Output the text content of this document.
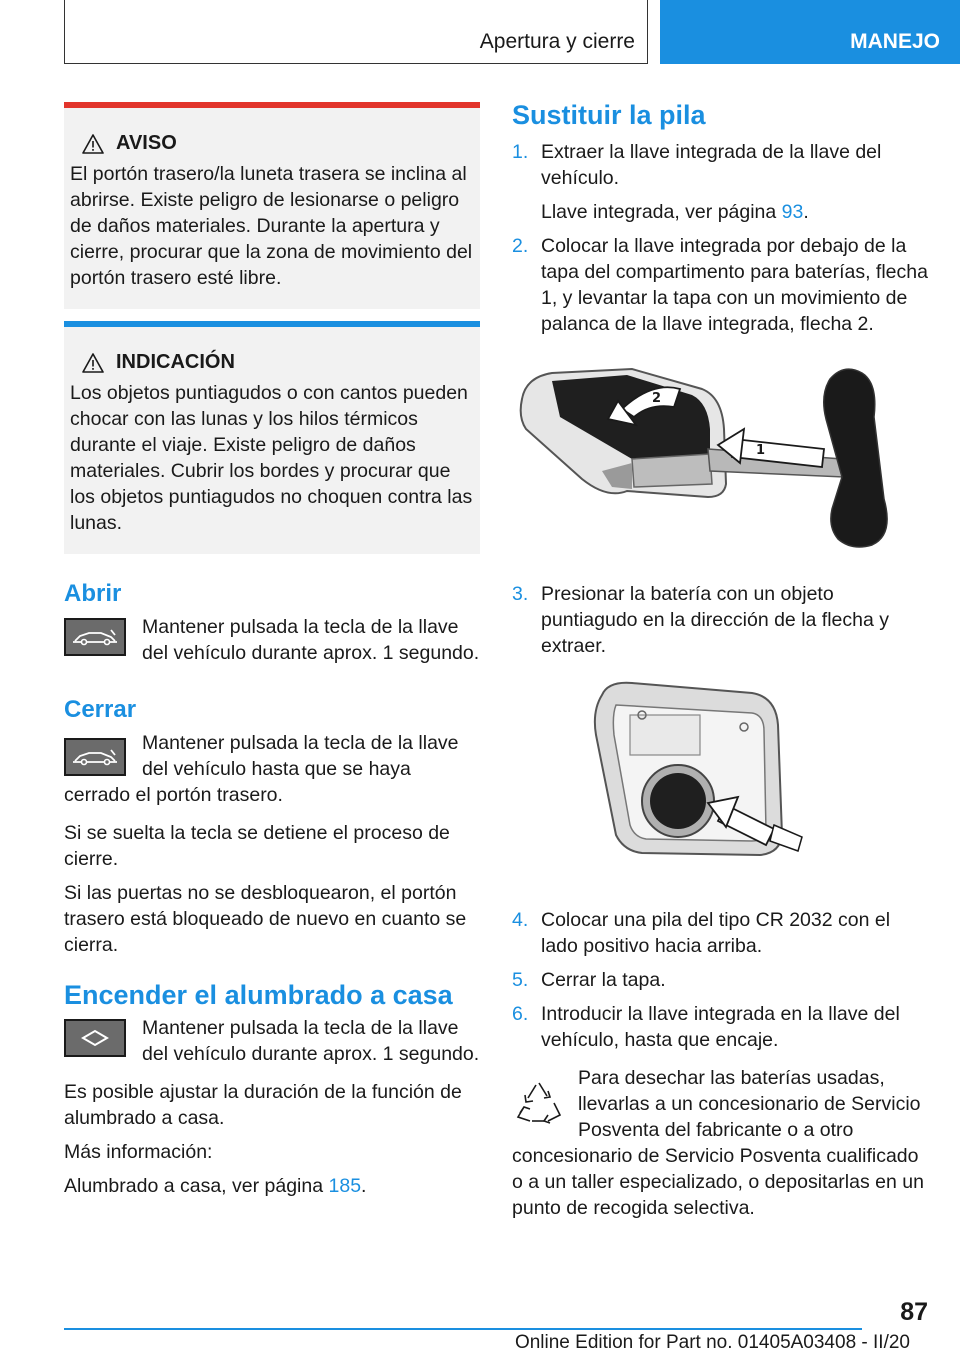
Apertura y cierre	MANEJO
AVISO

El portón trasero/la luneta trasera se inclina al abrirse. Existe peligro de lesionarse o peligro de daños materiales. Durante la apertura y cierre, procurar que la zona de movimiento del portón trasero esté libre.

INDICACIÓN

Los objetos puntiagudos o con cantos pueden chocar con las lunas y los hilos térmicos durante el viaje. Existe peligro de daños materiales. Cubrir los bordes y procurar que los objetos puntiagudos no choquen contra las lunas.

Abrir

Mantener pulsada la tecla de la llave del vehículo durante aprox. 1 segundo.

Cerrar

Mantener pulsada la tecla de la llave del vehículo hasta que se haya cerrado el portón trasero.

Si se suelta la tecla se detiene el proceso de cierre.

Si las puertas no se desbloquearon, el portón trasero está bloqueado de nuevo en cuanto se cierra.

Encender el alumbrado a casa

Mantener pulsada la tecla de la llave del vehículo durante aprox. 1 segundo.

Es posible ajustar la duración de la función de alumbrado a casa.

Más información:

Alumbrado a casa, ver página 185.

Sustituir la pila
1. Extraer la llave integrada de la llave del vehículo.
Llave integrada, ver página 93.
2. Colocar la llave integrada por debajo de la tapa del compartimento para baterías, flecha 1, y levantar la tapa con un movimiento de palanca de la llave integrada, flecha 2.
2
1
3. Presionar la batería con un objeto puntiagudo en la dirección de la flecha y extraer.
4. Colocar una pila del tipo CR 2032 con el lado positivo hacia arriba.
5. Cerrar la tapa.
6. Introducir la llave integrada en la llave del vehículo, hasta que encaje.

Para desechar las baterías usadas, llevarlas a un concesionario de Servicio Posventa del fabricante o a otro concesionario de Servicio Posventa cualificado o a un taller especializado, o depositarlas en un punto de recogida selectiva.

87
Online Edition for Part no. 01405A03408 - II/20
